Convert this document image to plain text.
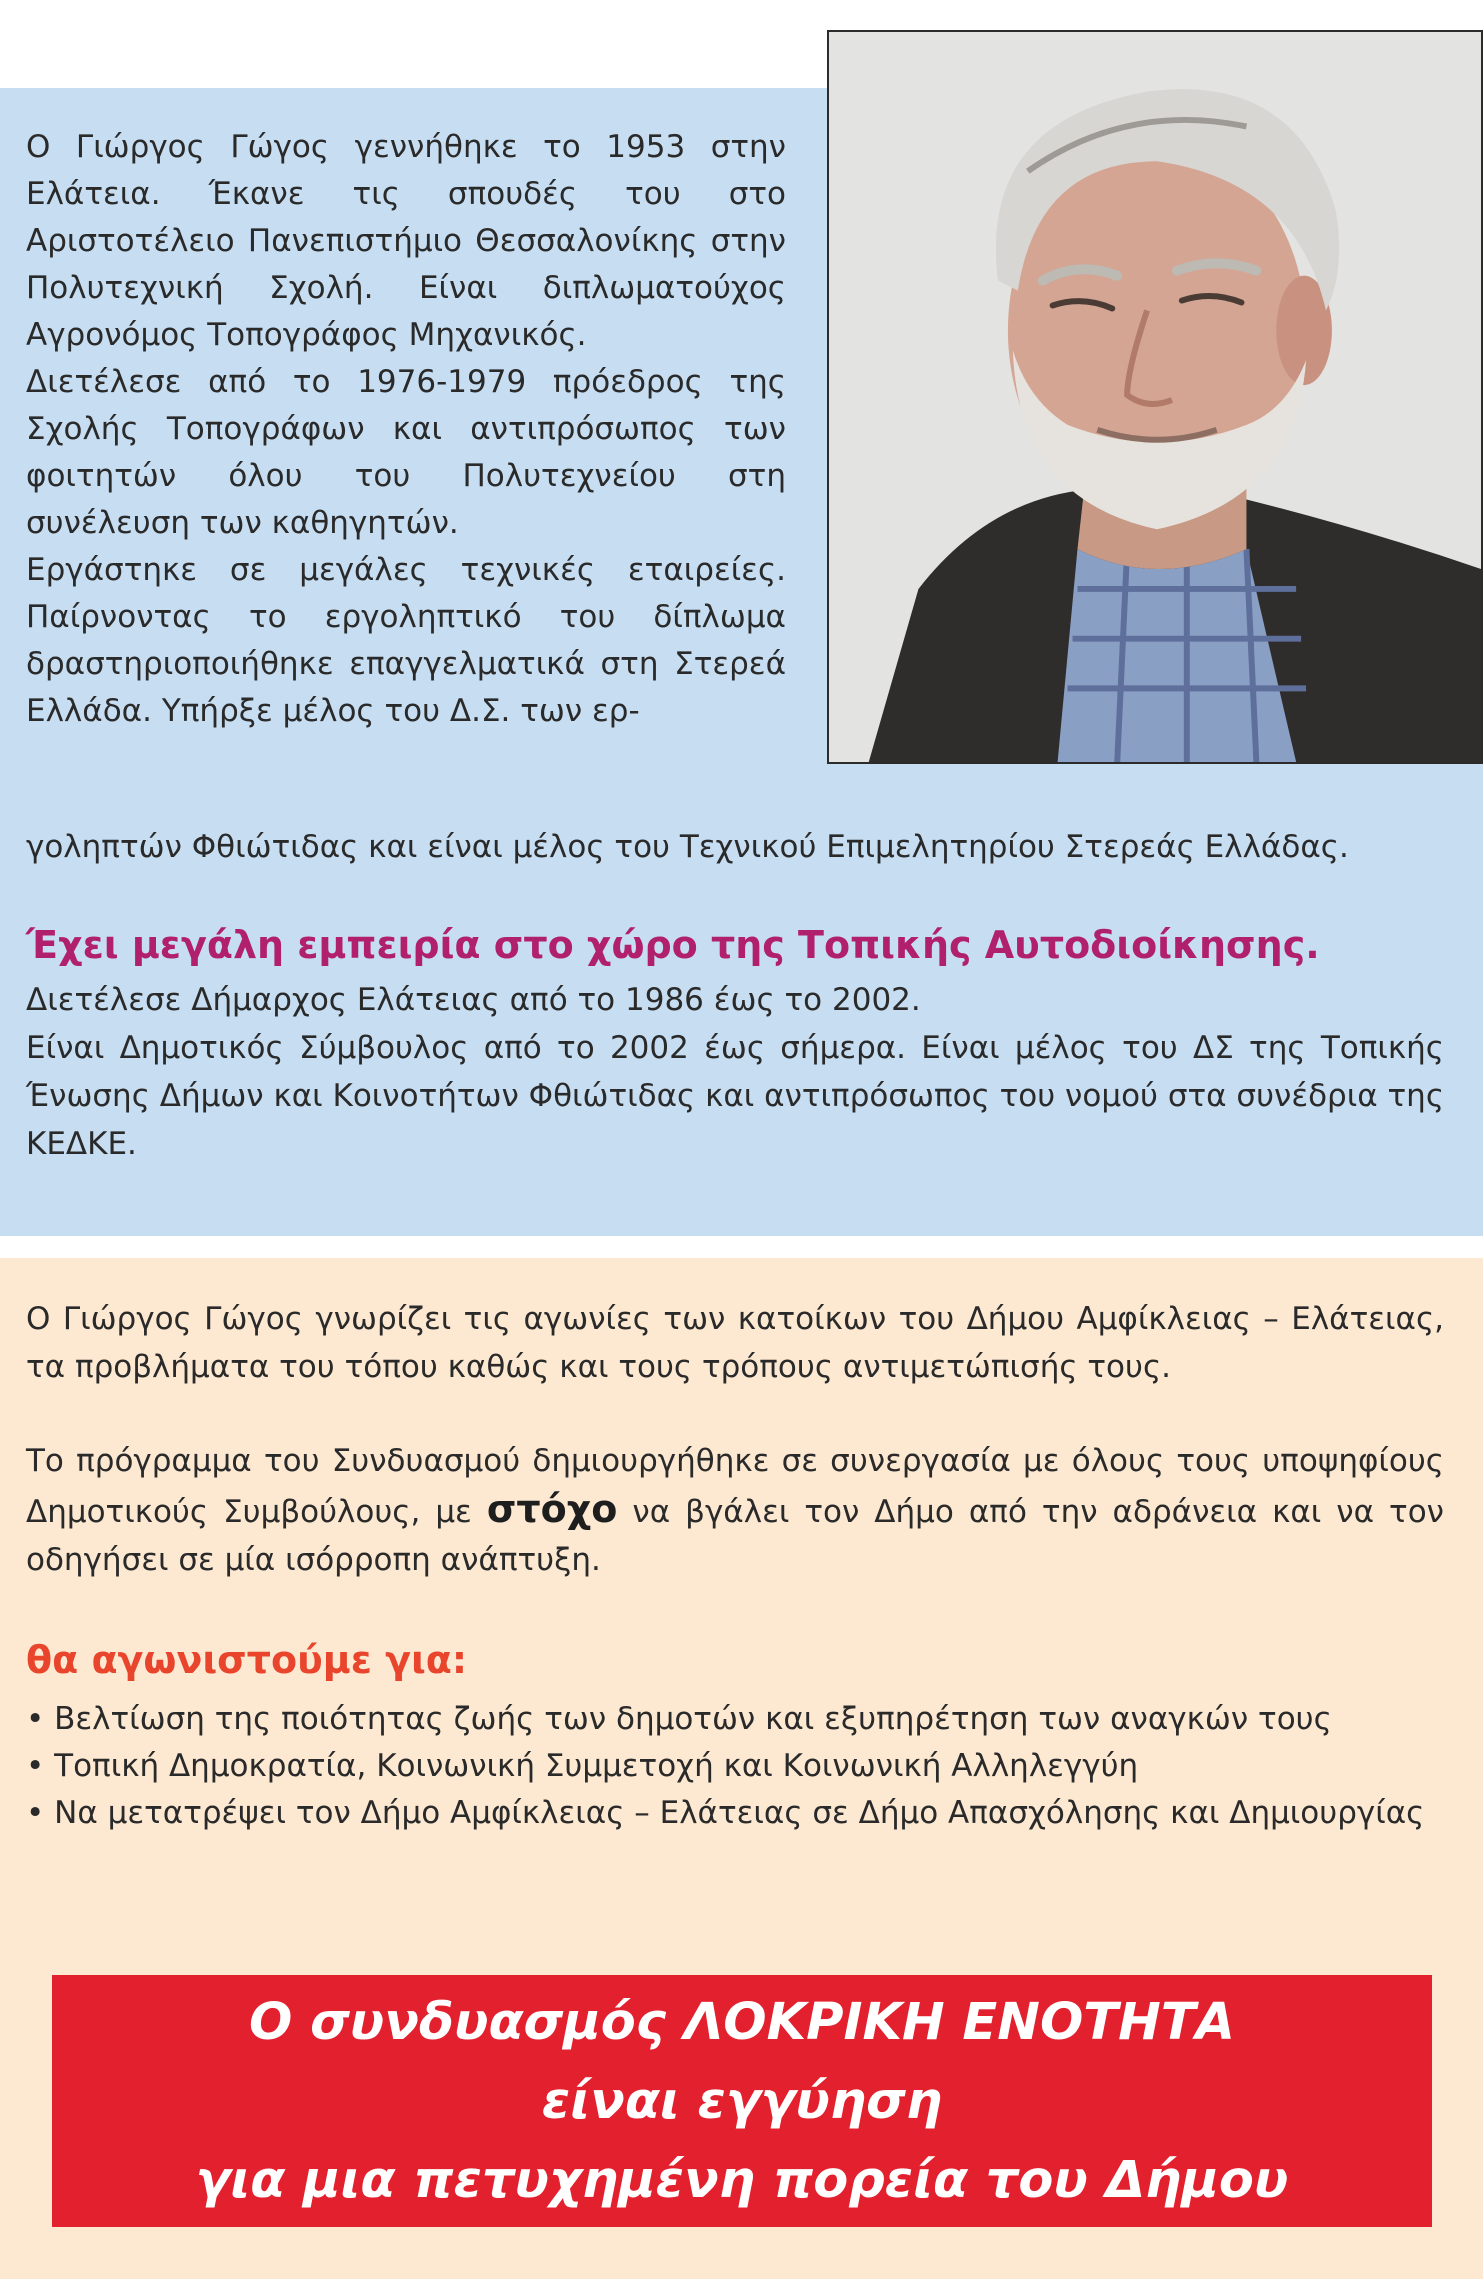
Ο Γιώργος Γώγος γεννήθηκε το 1953 στην Ελάτεια. Έκανε τις σπουδές του στο Αριστοτέλειο Πανεπιστήμιο Θεσσαλονίκης στην Πολυτεχνική Σχολή. Είναι διπλωματούχος Αγρονόμος Τοπογράφος Μηχανικός.

Διετέλεσε από το 1976-1979 πρόεδρος της Σχολής Τοπογράφων και αντιπρόσωπος των φοιτητών όλου του Πολυτεχνείου στη συνέλευση των καθηγητών.

Εργάστηκε σε μεγάλες τεχνικές εταιρείες. Παίρνοντας το εργοληπτικό του δίπλωμα δραστηριοποιήθηκε επαγγελματικά στη Στερεά Ελλάδα. Υπήρξε μέλος του Δ.Σ. των ερ-

γοληπτών Φθιώτιδας και είναι μέλος του Τεχνικού Επιμελητηρίου Στερεάς Ελλάδας.
Έχει μεγάλη εμπειρία στο χώρο της Τοπικής Αυτοδιοίκησης.

Διετέλεσε Δήμαρχος Ελάτειας από το 1986 έως το 2002.

Είναι Δημοτικός Σύμβουλος από το 2002 έως σήμερα. Είναι μέλος του ΔΣ της Τοπικής Ένωσης Δήμων και Κοινοτήτων Φθιώτιδας και αντιπρόσωπος του νομού στα συνέδρια της ΚΕΔΚΕ.

Ο Γιώργος Γώγος γνωρίζει τις αγωνίες των κατοίκων του Δήμου Αμφίκλειας – Ελάτειας, τα προβλήματα του τόπου καθώς και τους τρόπους αντιμετώπισής τους.

Το πρόγραμμα του Συνδυασμού δημιουργήθηκε σε συνεργασία με όλους τους υποψηφίους Δημοτικούς Συμβούλους, με στόχο να βγάλει τον Δήμο από την αδράνεια και να τον οδηγήσει σε μία ισόρροπη ανάπτυξη.

θα αγωνιστούμε για:
• Βελτίωση της ποιότητας ζωής των δημοτών και εξυπηρέτηση των αναγκών τους
• Τοπική Δημοκρατία, Κοινωνική Συμμετοχή και Κοινωνική Αλληλεγγύη
• Να μετατρέψει τον Δήμο Αμφίκλειας – Ελάτειας σε Δήμο Απασχόλησης και Δημιουργίας
Ο συνδυασμός ΛΟΚΡΙΚΗ ΕΝΟΤΗΤΑ
είναι εγγύηση
για μια πετυχημένη πορεία του Δήμου
